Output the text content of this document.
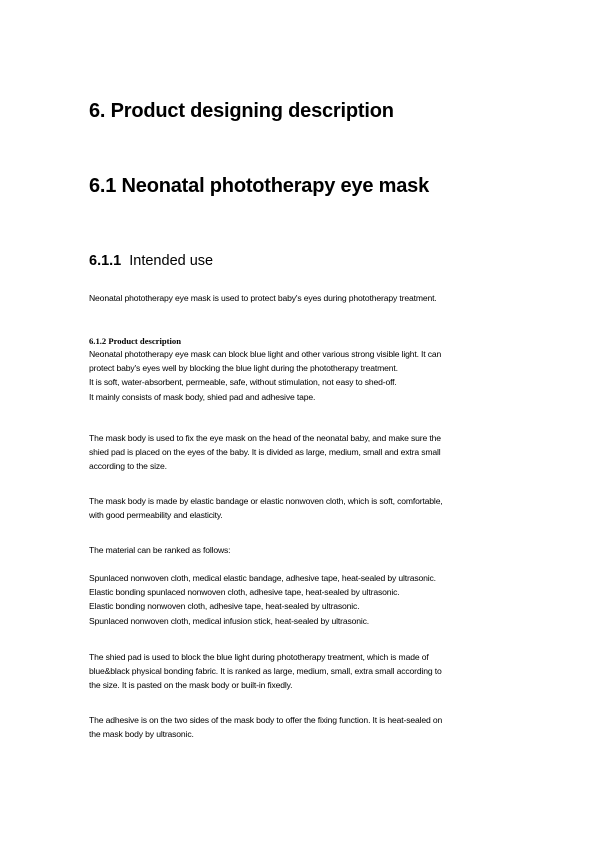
6. Product designing description
6.1 Neonatal phototherapy eye mask
6.1.1 Intended use
Neonatal phototherapy eye mask is used to protect baby's eyes during phototherapy treatment.
6.1.2 Product description
Neonatal phototherapy eye mask can block blue light and other various strong visible light. It can
protect baby's eyes well by blocking the blue light during the phototherapy treatment.
It is soft, water-absorbent, permeable, safe, without stimulation, not easy to shed-off.
It mainly consists of mask body, shied pad and adhesive tape.
The mask body is used to fix the eye mask on the head of the neonatal baby, and make sure the
shied pad is placed on the eyes of the baby. It is divided as large, medium, small and extra small
according to the size.
The mask body is made by elastic bandage or elastic nonwoven cloth, which is soft, comfortable,
with good permeability and elasticity.
The material can be ranked as follows:
Spunlaced nonwoven cloth, medical elastic bandage, adhesive tape, heat-sealed by ultrasonic.
Elastic bonding spunlaced nonwoven cloth, adhesive tape, heat-sealed by ultrasonic.
Elastic bonding nonwoven cloth, adhesive tape, heat-sealed by ultrasonic.
Spunlaced nonwoven cloth, medical infusion stick, heat-sealed by ultrasonic.
The shied pad is used to block the blue light during phototherapy treatment, which is made of
blue&black physical bonding fabric. It is ranked as large, medium, small, extra small according to
the size. It is pasted on the mask body or built-in fixedly.
The adhesive is on the two sides of the mask body to offer the fixing function. It is heat-sealed on
the mask body by ultrasonic.
